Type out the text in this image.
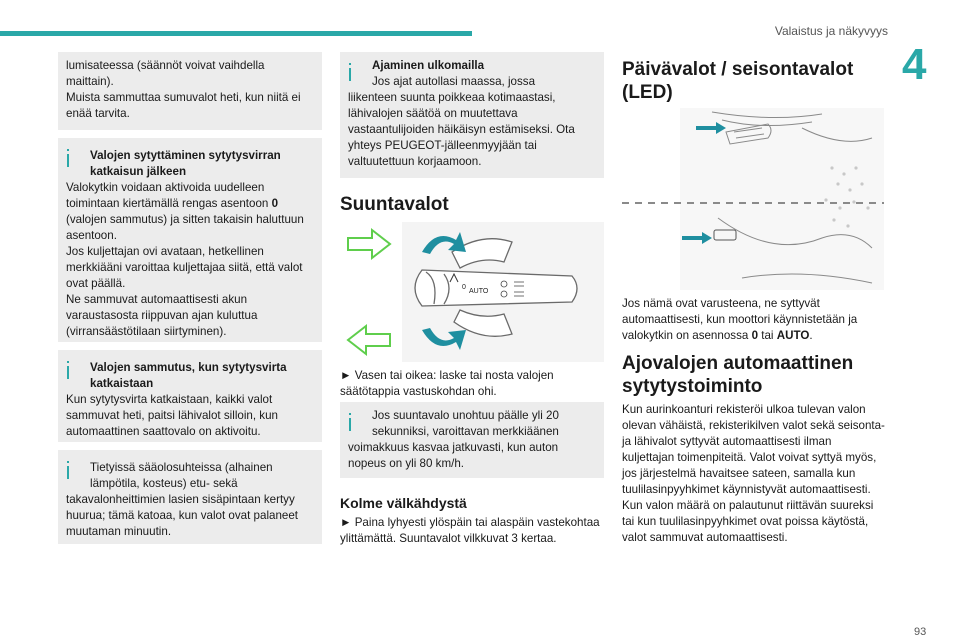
Valaistus ja näkyvyys
4
lumisateessa (säännöt voivat vaihdella
maittain).
Muista sammuttaa sumuvalot heti, kun niitä ei
enää tarvita.
Valojen sytyttäminen sytytysvirran katkaisun jälkeen
Valokytkin voidaan aktivoida uudelleen toimintaan kiertämällä rengas asentoon 0 (valojen sammutus) ja sitten takaisin haluttuun asentoon.
Jos kuljettajan ovi avataan, hetkellinen merkkiääni varoittaa kuljettajaa siitä, että valot ovat päällä.
Ne sammuvat automaattisesti akun varaustasosta riippuvan ajan kuluttua (virransäästötilaan siirtyminen).
Valojen sammutus, kun sytytysvirta katkaistaan
Kun sytytysvirta katkaistaan, kaikki valot sammuvat heti, paitsi lähivalot silloin, kun automaattinen saattovalo on aktivoitu.
Tietyissä sääolosuhteissa (alhainen lämpötila, kosteus) etu- sekä
takavalonheittimien lasien sisäpintaan kertyy huurua; tämä katoaa, kun valot ovat palaneet muutaman minuutin.
Ajaminen ulkomailla
Jos ajat autollasi maassa, jossa
liikenteen suunta poikkeaa kotimaastasi, lähivalojen säätöä on muutettava vastaantulijoiden häikäisyn estämiseksi. Ota yhteys PEUGEOT-jälleenmyyjään tai valtuutettuun korjaamoon.
Suuntavalot
0
AUTO
► Vasen tai oikea: laske tai nosta valojen säätötappia vastuskohdan ohi.
Jos suuntavalo unohtuu päälle yli 20 sekunniksi, varoittavan merkkiäänen
voimakkuus kasvaa jatkuvasti, kun auton nopeus on yli 80 km/h.
Kolme välkähdystä
► Paina lyhyesti ylöspäin tai alaspäin vastekohtaa ylittämättä. Suuntavalot vilkkuvat 3 kertaa.
Päivävalot / seisontavalot (LED)
Jos nämä ovat varusteena, ne syttyvät automaattisesti, kun moottori käynnistetään ja valokytkin on asennossa 0 tai AUTO.
Ajovalojen automaattinen sytytystoiminto
Kun aurinkoanturi rekisteröi ulkoa tulevan valon olevan vähäistä, rekisterikilven valot sekä seisonta- ja lähivalot syttyvät automaattisesti ilman kuljettajan toimenpiteitä. Valot voivat syttyä myös, jos järjestelmä havaitsee sateen, samalla kun tuulilasinpyyhkimet käynnistyvät automaattisesti.
Kun valon määrä on palautunut riittävän suureksi tai kun tuulilasinpyyhkimet ovat poissa käytöstä, valot sammuvat automaattisesti.
93
